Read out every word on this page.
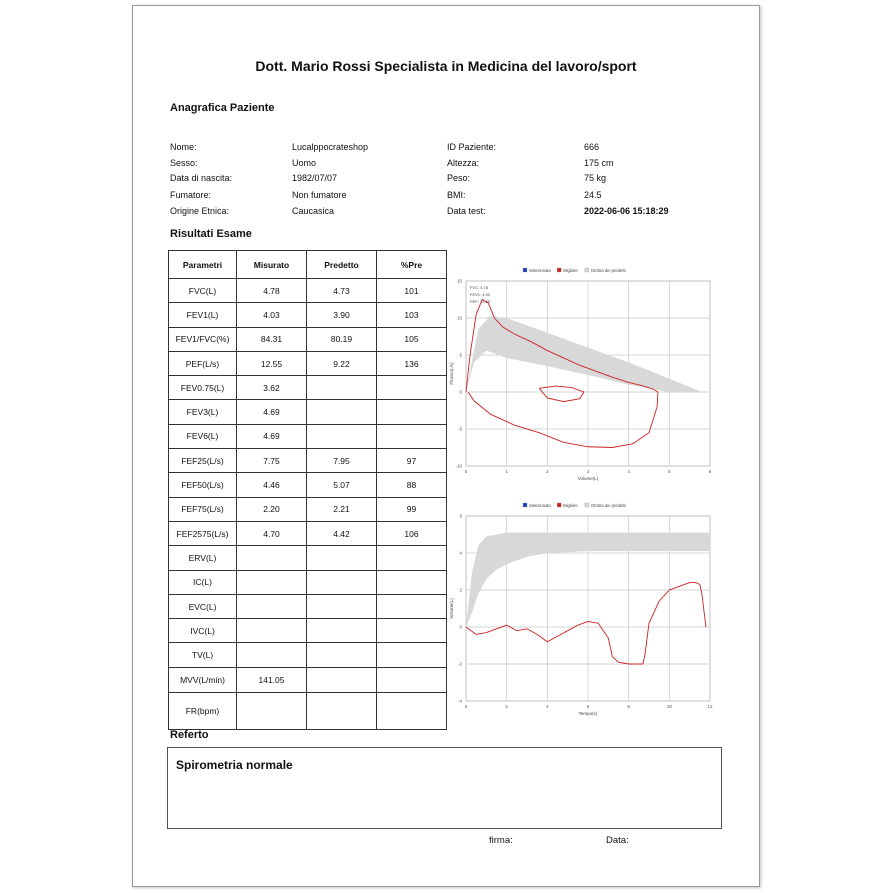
Dott. Mario Rossi Specialista in Medicina del lavoro/sport
Anagrafica Paziente
Nome:	Lucalppocrateshop
Sesso:	Uomo
Data di nascita:	1982/07/07
Fumatore:	Non fumatore
Origine Etnica:	Caucasica
ID Paziente:	666
Altezza:	175 cm
Peso:	75 kg
BMI:	24.5
Data test:	2022-06-06 15:18:29
Risultati Esame
Parametri	Misurato	Predetto	%Pre
FVC(L)	4.78	4.73	101
FEV1(L)	4.03	3.90	103
FEV1/FVC(%)	84.31	80.19	105
PEF(L/s)	12.55	9.22	136
FEV0.75(L)	3.62		
FEV3(L)	4.69		
FEV6(L)	4.69		
FEF25(L/s)	7.75	7.95	97
FEF50(L/s)	4.46	5.07	88
FEF75(L/s)	2.20	2.21	99
FEF2575(L/s)	4.70	4.42	106
ERV(L)			
IC(L)			
EVC(L)			
IVC(L)			
TV(L)			
MVV(L/min)	141.05		
FR(bpm)			
Selezionato	Migliore	Ombra dei predetti
0	1	2	3	4	5	6
15
10
5
0
-5
-10
Volume(L)
Flusso(L/s)
FVC: 4.78
FEV1: 4.03
PEF: 12.55
Selezionato	Migliore	Ombra dei predetti
0	2	4	6	8	10	12
6
4
2
0
-2
-4
Tempo(s)
Volume(L)
Referto
Spirometria normale
firma:	Data:
